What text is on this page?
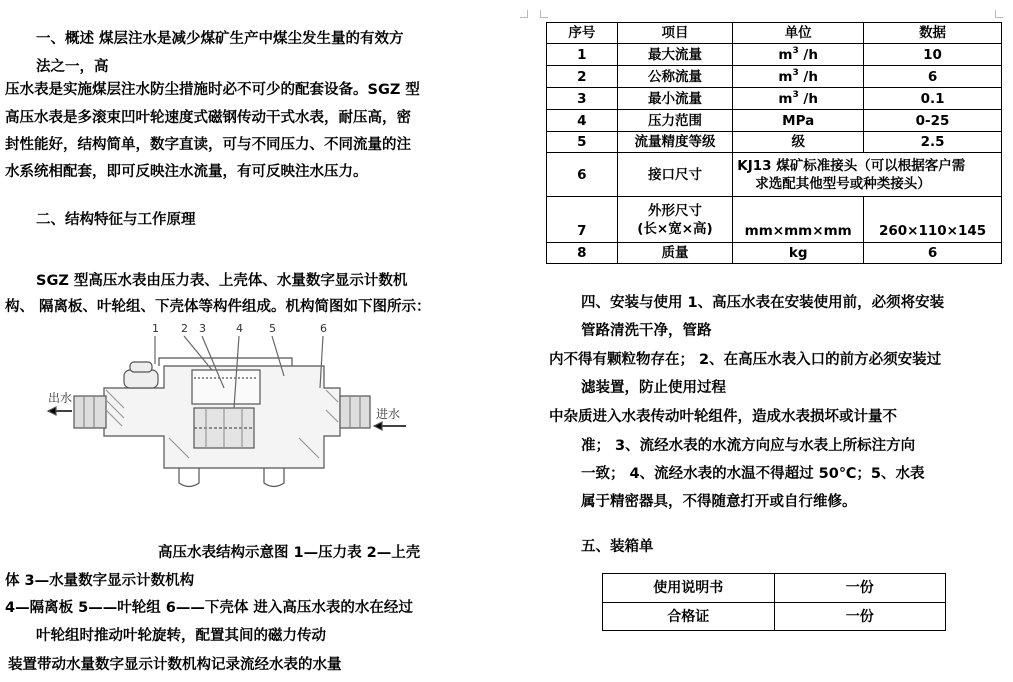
一、概述 煤层注水是减少煤矿生产中煤尘发生量的有效方
法之一，高
压水表是实施煤层注水防尘措施时必不可少的配套设备。SGZ 型
高压水表是多滚束凹叶轮速度式磁钢传动干式水表，耐压高，密
封性能好，结构简单，数字直读，可与不同压力、不同流量的注
水系统相配套，即可反映注水流量，有可反映注水压力。
二、结构特征与工作原理
SGZ 型高压水表由压力表、上壳体、水量数字显示计数机
构、 隔离板、叶轮组、下壳体等构件组成。机构简图如下图所示：
1 2 3	4 5	6
出水
进水
高压水表结构示意图 1—压力表 2—上壳
体 3—水量数字显示计数机构
4—隔离板 5——叶轮组 6——下壳体 进入高压水表的水在经过
叶轮组时推动叶轮旋转，配置其间的磁力传动
装置带动水量数字显示计数机构记录流经水表的水量
序号	项目	单位	数据
1	最大流量	$m^3$ /h	10
2	公称流量	$m^3$ /h	6
3	最小流量	$m^3$ /h	0.1
4	压力范围	MPa	0-25
5	流量精度等级	级	2.5
6	接口尺寸	KJ13 煤矿标准接头（可以根据客户需
求选配其他型号或种类接头）	

7	外形尺寸
(长×宽×高)	mm×mm×mm	260×110×145
8	质量	kg	6
四、安装与使用 1、高压水表在安装使用前，必须将安装
管路清洗干净，管路
内不得有颗粒物存在； 2、在高压水表入口的前方必须安装过
滤装置，防止使用过程
中杂质进入水表传动叶轮组件，造成水表损坏或计量不
准； 3、流经水表的水流方向应与水表上所标注方向
一致； 4、流经水表的水温不得超过 50℃；5、水表
属于精密器具，不得随意打开或自行维修。
五、装箱单
使用说明书	一份
合格证	一份
